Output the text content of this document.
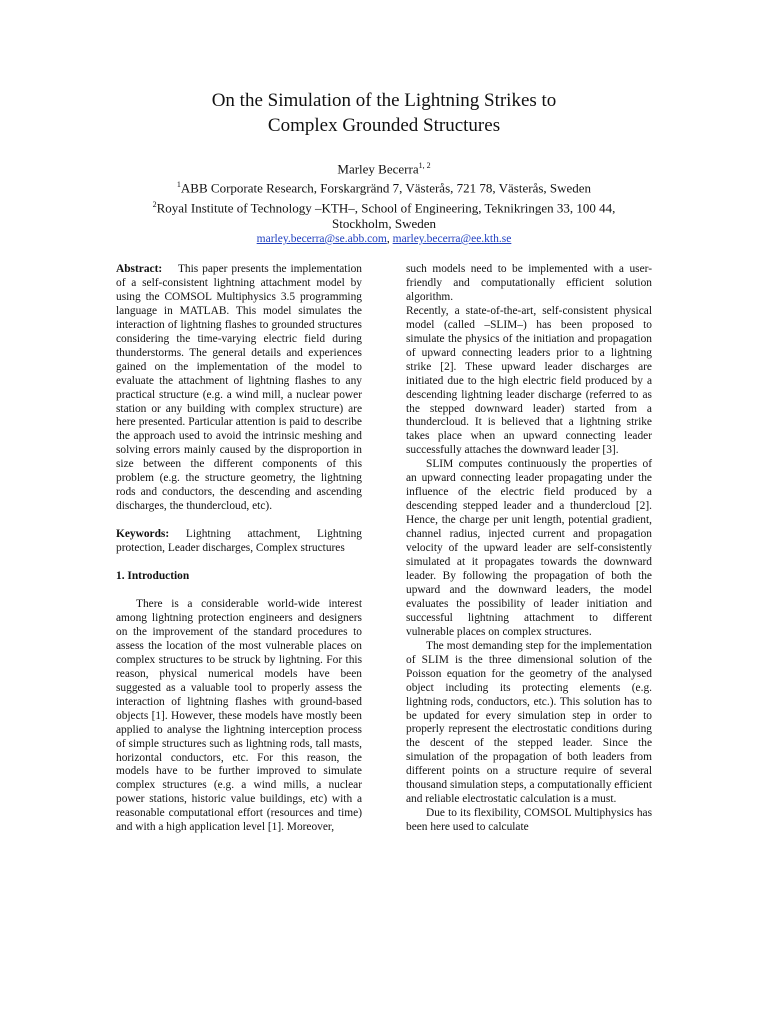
On the Simulation of the Lightning Strikes to
Complex Grounded Structures
Marley Becerra$^{1, 2}$
$^1$ABB Corporate Research, Forskargränd 7, Västerås, 721 78, Västerås, Sweden
$^2$Royal Institute of Technology –KTH–, School of Engineering, Teknikringen 33, 100 44,
Stockholm, Sweden
marley.becerra@se.abb.com, marley.becerra@ee.kth.se

Abstract: This paper presents the implementation of a self-consistent lightning attachment model by using the COMSOL Multiphysics 3.5 programming language in MATLAB. This model simulates the interaction of lightning flashes to grounded structures considering the time-varying electric field during thunderstorms. The general details and experiences gained on the implementation of the model to evaluate the attachment of lightning flashes to any practical structure (e.g. a wind mill, a nuclear power station or any building with complex structure) are here presented. Particular attention is paid to describe the approach used to avoid the intrinsic meshing and solving errors mainly caused by the disproportion in size between the different components of this problem (e.g. the structure geometry, the lightning rods and conductors, the descending and ascending discharges, the thundercloud, etc).

Keywords: Lightning attachment, Lightning protection, Leader discharges, Complex structures

1. Introduction

There is a considerable world-wide interest among lightning protection engineers and designers on the improvement of the standard procedures to assess the location of the most vulnerable places on complex structures to be struck by lightning. For this reason, physical numerical models have been suggested as a valuable tool to properly assess the interaction of lightning flashes with ground-based objects [1]. However, these models have mostly been applied to analyse the lightning interception process of simple structures such as lightning rods, tall masts, horizontal conductors, etc. For this reason, the models have to be further improved to simulate complex structures (e.g. a wind mills, a nuclear power stations, historic value buildings, etc) with a reasonable computational effort (resources and time) and with a high application level [1]. Moreover,

such models need to be implemented with a user-friendly and computationally efficient solution algorithm.

Recently, a state-of-the-art, self-consistent physical model (called –SLIM–) has been proposed to simulate the physics of the initiation and propagation of upward connecting leaders prior to a lightning strike [2]. These upward leader discharges are initiated due to the high electric field produced by a descending lightning leader discharge (referred to as the stepped downward leader) started from a thundercloud. It is believed that a lightning strike takes place when an upward connecting leader successfully attaches the downward leader [3].

SLIM computes continuously the properties of an upward connecting leader propagating under the influence of the electric field produced by a descending stepped leader and a thundercloud [2]. Hence, the charge per unit length, potential gradient, channel radius, injected current and propagation velocity of the upward leader are self-consistently simulated at it propagates towards the downward leader. By following the propagation of both the upward and the downward leaders, the model evaluates the possibility of leader initiation and successful lightning attachment to different vulnerable places on complex structures.

The most demanding step for the implementation of SLIM is the three dimensional solution of the Poisson equation for the geometry of the analysed object including its protecting elements (e.g. lightning rods, conductors, etc.). This solution has to be updated for every simulation step in order to properly represent the electrostatic conditions during the descent of the stepped leader. Since the simulation of the propagation of both leaders from different points on a structure require of several thousand simulation steps, a computationally efficient and reliable electrostatic calculation is a must.

Due to its flexibility, COMSOL Multiphysics has been here used to calculate
